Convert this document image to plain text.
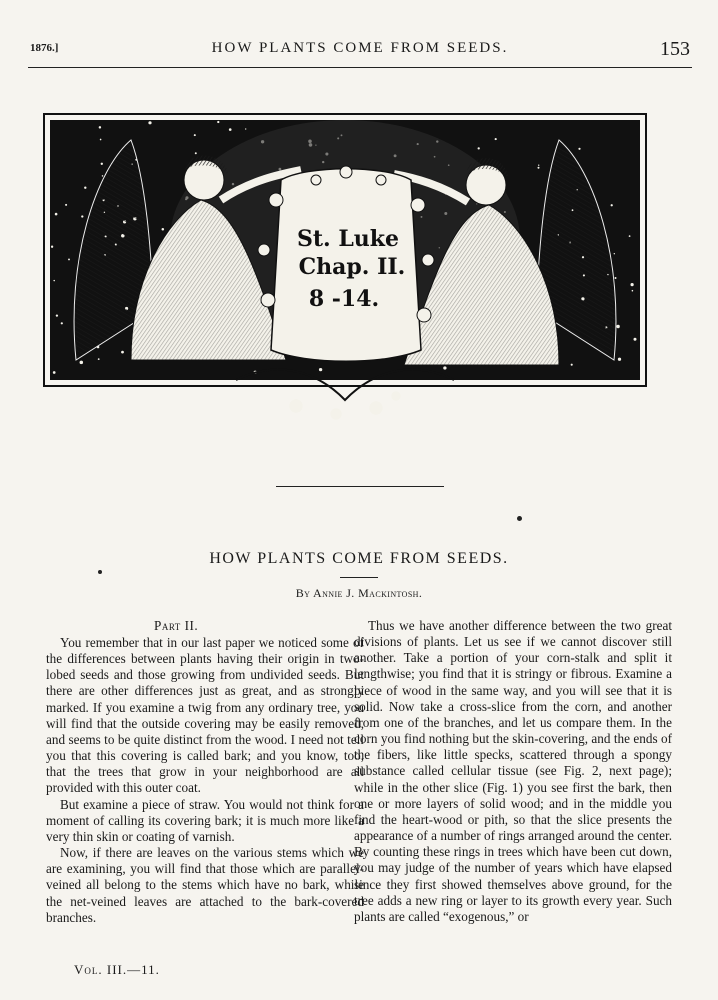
1876.]	HOW PLANTS COME FROM SEEDS.	153
St. Luke
Chap. II.
8 -14.
HOW PLANTS COME FROM SEEDS.
By Annie J. Mackintosh.

Part II.

You remember that in our last paper we noticed some of the differences between plants having their origin in two-lobed seeds and those growing from undivided seeds. But there are other differences just as great, and as strongly marked. If you examine a twig from any ordinary tree, you will find that the outside covering may be easily removed, and seems to be quite distinct from the wood. I need not tell you that this covering is called bark; and you know, too, that the trees that grow in your neighborhood are all provided with this outer coat.

But examine a piece of straw. You would not think for a moment of calling its covering bark; it is much more like a very thin skin or coating of varnish.

Now, if there are leaves on the various stems which we are examining, you will find that those which are parallel-veined all belong to the stems which have no bark, while the net-veined leaves are attached to the bark-covered branches.

Thus we have another difference between the two great divisions of plants. Let us see if we cannot discover still another. Take a portion of your corn-stalk and split it lengthwise; you find that it is stringy or fibrous. Examine a piece of wood in the same way, and you will see that it is solid. Now take a cross-slice from the corn, and another from one of the branches, and let us compare them. In the corn you find nothing but the skin-covering, and the ends of the fibers, like little specks, scattered through a spongy substance called cellular tissue (see Fig. 2, next page); while in the other slice (Fig. 1) you see first the bark, then one or more layers of solid wood; and in the middle you find the heart-wood or pith, so that the slice presents the appearance of a number of rings arranged around the center. By counting these rings in trees which have been cut down, you may judge of the number of years which have elapsed since they first showed themselves above ground, for the tree adds a new ring or layer to its growth every year. Such plants are called “exogenous,” or

Vol. III.—11.
